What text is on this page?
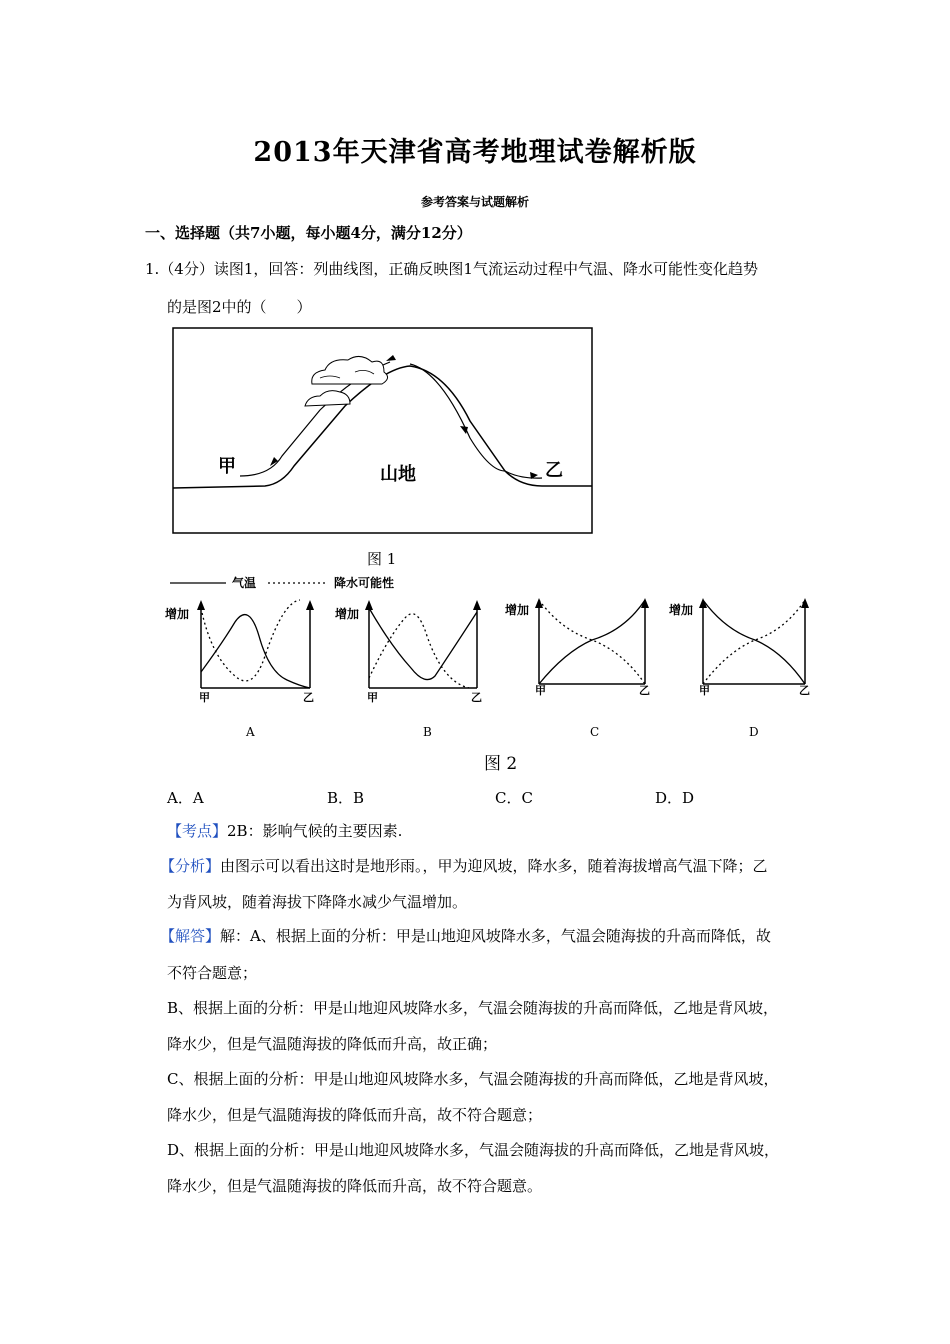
2013年天津省高考地理试卷解析版
参考答案与试题解析
一、选择题（共7小题，每小题4分，满分12分）
1.（4分）读图1，回答：列曲线图，正确反映图1气流运动过程中气温、降水可能性变化趋势
的是图2中的（　　）
甲	山地	乙
图 1
气温	降水可能性
增加
甲	乙
增加
甲	乙
增加
甲	乙
增加
甲	乙
A	B	C	D
图 2
A．A	B．B	C．C	D．D
【考点】2B：影响气候的主要因素.
【分析】由图示可以看出这时是地形雨。，甲为迎风坡，降水多，随着海拔增高气温下降；乙
为背风坡，随着海拔下降降水减少气温增加。
【解答】解：A、根据上面的分析：甲是山地迎风坡降水多，气温会随海拔的升高而降低，故
不符合题意；
B、根据上面的分析：甲是山地迎风坡降水多，气温会随海拔的升高而降低，乙地是背风坡，
降水少，但是气温随海拔的降低而升高，故正确；
C、根据上面的分析：甲是山地迎风坡降水多，气温会随海拔的升高而降低，乙地是背风坡，
降水少，但是气温随海拔的降低而升高，故不符合题意；
D、根据上面的分析：甲是山地迎风坡降水多，气温会随海拔的升高而降低，乙地是背风坡，
降水少，但是气温随海拔的降低而升高，故不符合题意。
